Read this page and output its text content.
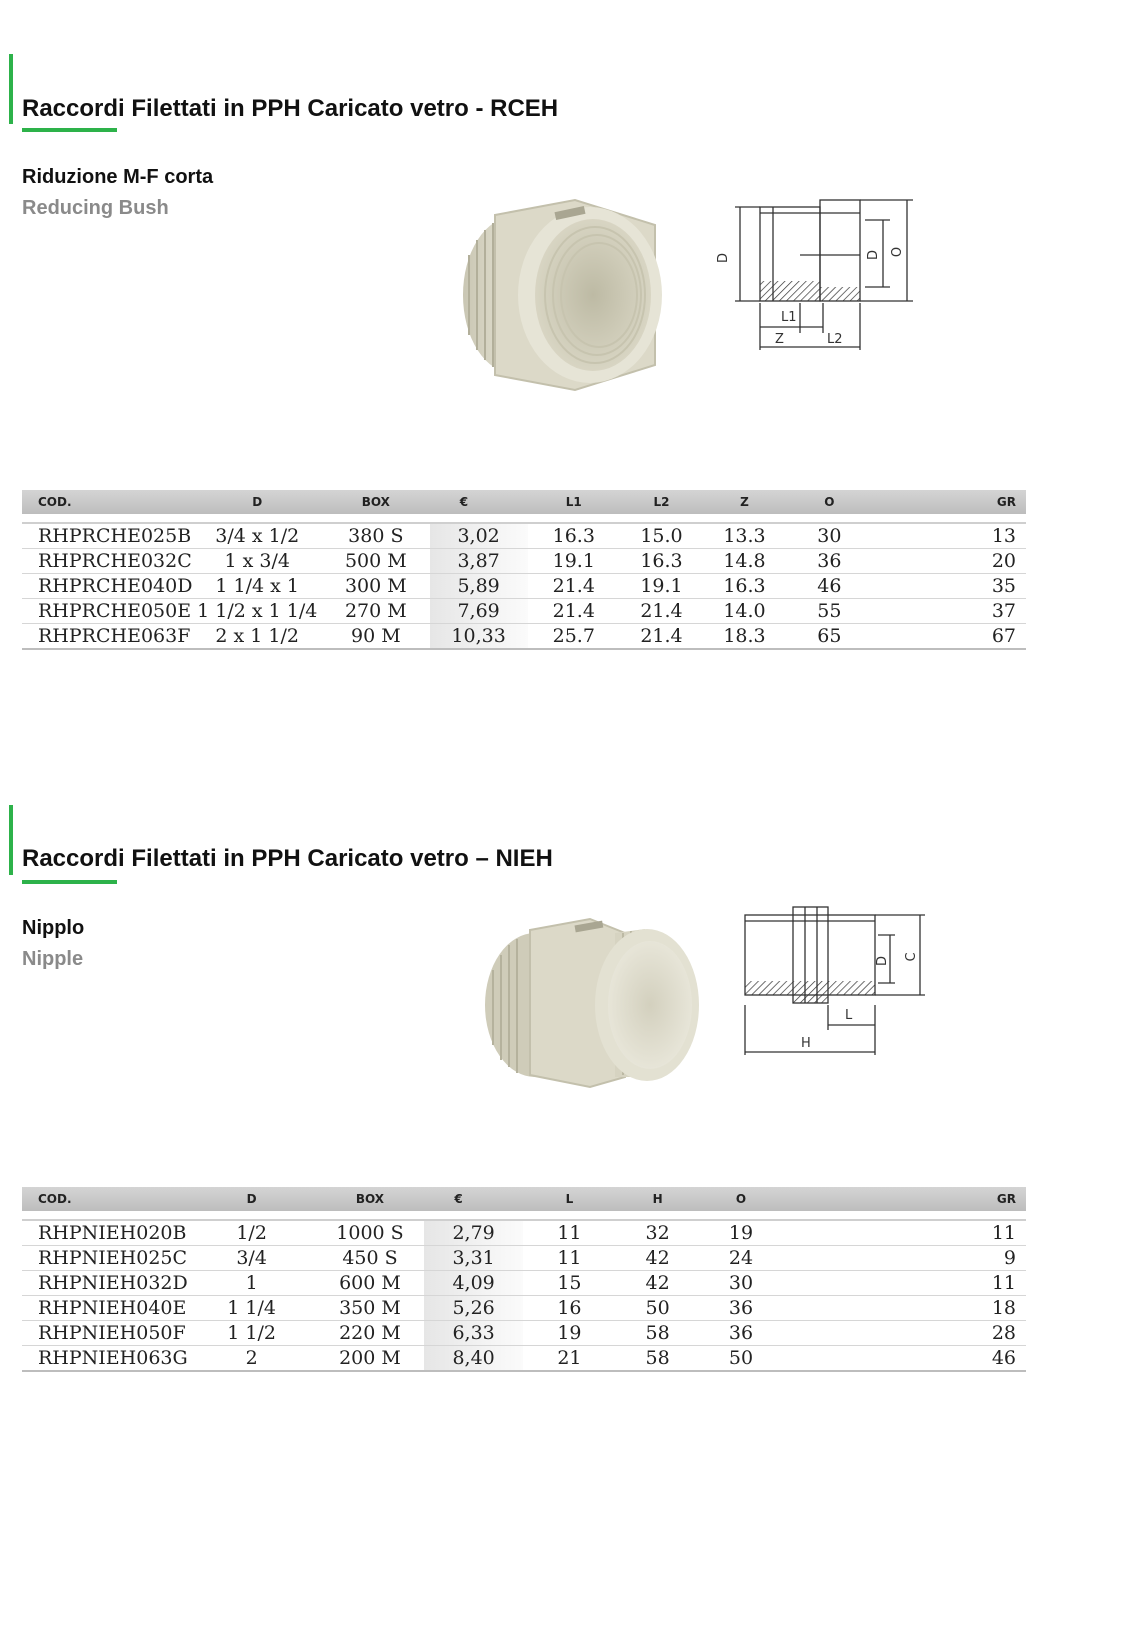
Raccordi Filettati in PPH Caricato vetro - RCEH
Riduzione M-F corta
Reducing Bush
D	D O
L1
Z	L2
COD.	D	BOX	€	L1	L2	Z	O	GR

RHPRCHE025B	3/4 x 1/2	380 S	3,02	16.3	15.0	13.3	30	13
RHPRCHE032C	1 x 3/4	500 M	3,87	19.1	16.3	14.8	36	20
RHPRCHE040D	1 1/4 x 1	300 M	5,89	21.4	19.1	16.3	46	35
RHPRCHE050E	1 1/2 x 1 1/4	270 M	7,69	21.4	21.4	14.0	55	37
RHPRCHE063F	2 x 1 1/2	90 M	10,33	25.7	21.4	18.3	65	67
Raccordi Filettati in PPH Caricato vetro – NIEH
Nipplo
Nipple	D C
L
H
COD.	D	BOX	€	L	H	O	GR

RHPNIEH020B	1/2	1000 S	2,79	11	32	19	11
RHPNIEH025C	3/4	450 S	3,31	11	42	24	9
RHPNIEH032D	1	600 M	4,09	15	42	30	11
RHPNIEH040E	1 1/4	350 M	5,26	16	50	36	18
RHPNIEH050F	1 1/2	220 M	6,33	19	58	36	28
RHPNIEH063G	2	200 M	8,40	21	58	50	46
